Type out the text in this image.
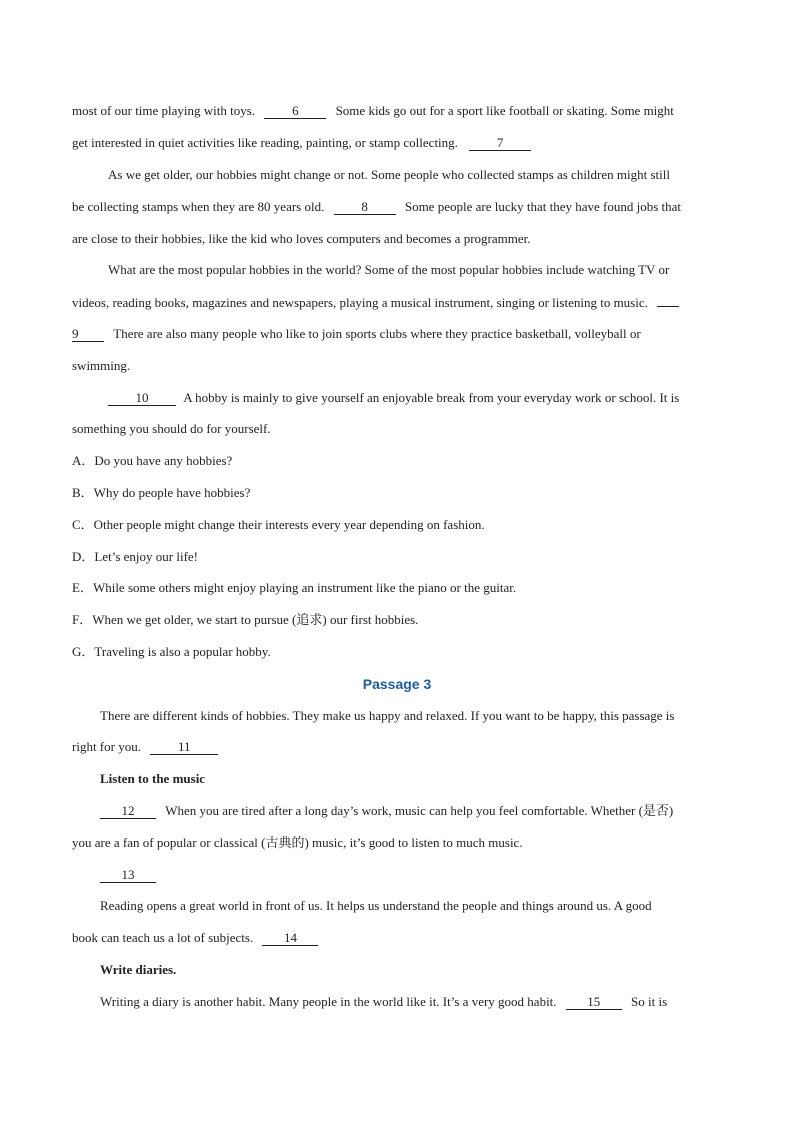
most of our time playing with toys.	6	Some kids go out for a sport like football or skating. Some might
get interested in quiet activities like reading, painting, or stamp collecting.	7
As we get older, our hobbies might change or not. Some people who collected stamps as children might still
be collecting stamps when they are 80 years old.	8	Some people are lucky that they have found jobs that
are close to their hobbies, like the kid who loves computers and becomes a programmer.
What are the most popular hobbies in the world? Some of the most popular hobbies include watching TV or
videos, reading books, magazines and newspapers, playing a musical instrument, singing or listening to music.
9	There are also many people who like to join sports clubs where they practice basketball, volleyball or
swimming.
10	A hobby is mainly to give yourself an enjoyable break from your everyday work or school. It is
something you should do for yourself.
A．Do you have any hobbies?
B．Why do people have hobbies?
C．Other people might change their interests every year depending on fashion.
D．Let’s enjoy our life!
E．While some others might enjoy playing an instrument like the piano or the guitar.
F．When we get older, we start to pursue (追求) our first hobbies.
G．Traveling is also a popular hobby.
Passage 3
There are different kinds of hobbies. They make us happy and relaxed. If you want to be happy, this passage is
right for you.	11
Listen to the music
12 When you are tired after a long day’s work, music can help you feel comfortable. Whether (是否)
you are a fan of popular or classical (古典的) music, it’s good to listen to much music.
13
Reading opens a great world in front of us. It helps us understand the people and things around us. A good
book can teach us a lot of subjects. 14
Write diaries.
Writing a diary is another habit. Many people in the world like it. It’s a very good habit. 15 So it is
